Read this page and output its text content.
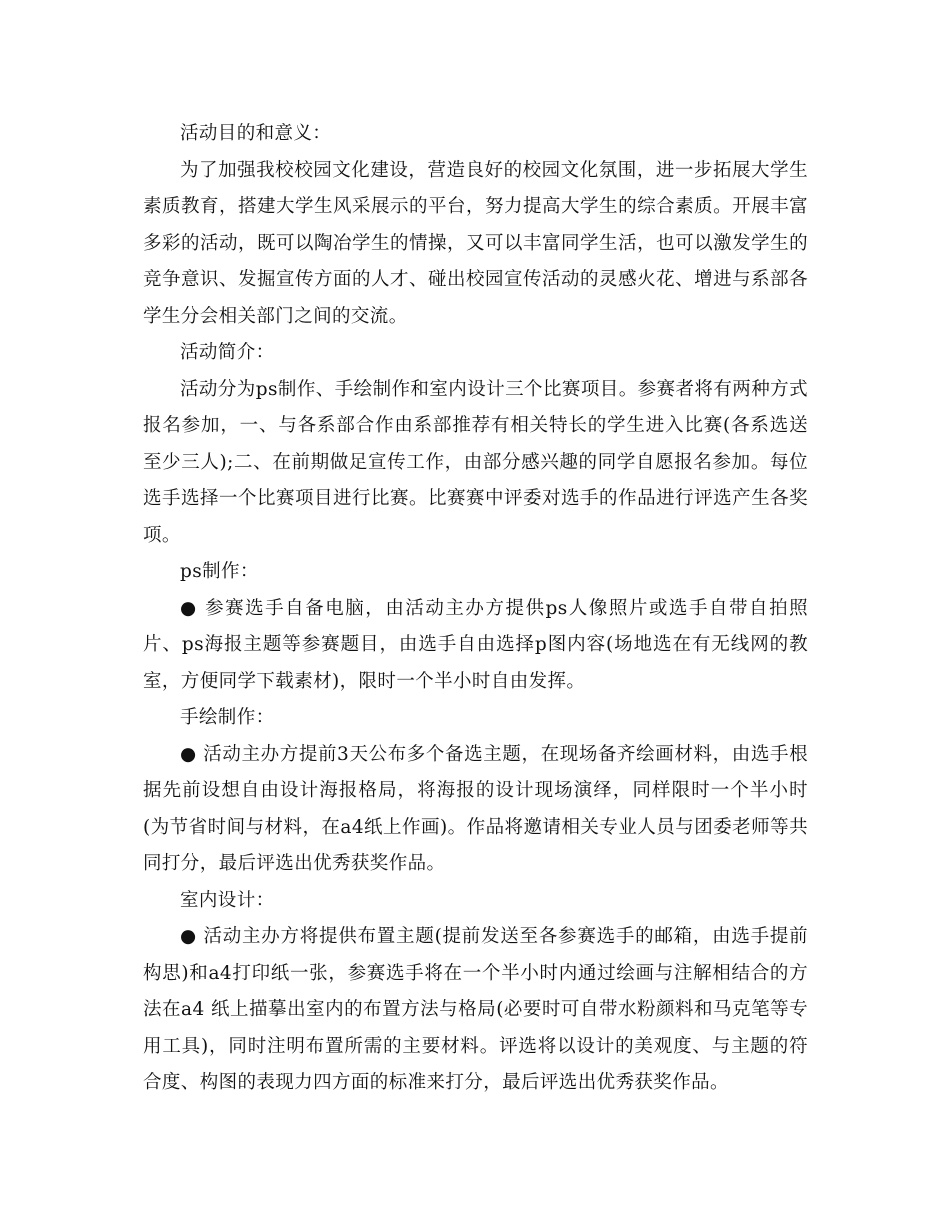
活动目的和意义：

为了加强我校校园文化建设，营造良好的校园文化氛围，进一步拓展大学生素质教育，搭建大学生风采展示的平台，努力提高大学生的综合素质。开展丰富多彩的活动，既可以陶冶学生的情操，又可以丰富同学生活，也可以激发学生的竞争意识、发掘宣传方面的人才、碰出校园宣传活动的灵感火花、增进与系部各学生分会相关部门之间的交流。

活动简介：

活动分为ps制作、手绘制作和室内设计三个比赛项目。参赛者将有两种方式报名参加，一、与各系部合作由系部推荐有相关特长的学生进入比赛(各系选送至少三人);二、在前期做足宣传工作，由部分感兴趣的同学自愿报名参加。每位选手选择一个比赛项目进行比赛。比赛赛中评委对选手的作品进行评选产生各奖项。

ps制作：

● 参赛选手自备电脑，由活动主办方提供ps人像照片或选手自带自拍照片、ps海报主题等参赛题目，由选手自由选择p图内容(场地选在有无线网的教室，方便同学下载素材)，限时一个半小时自由发挥。

手绘制作：

● 活动主办方提前3天公布多个备选主题，在现场备齐绘画材料，由选手根据先前设想自由设计海报格局，将海报的设计现场演绎，同样限时一个半小时(为节省时间与材料，在a4纸上作画)。作品将邀请相关专业人员与团委老师等共同打分，最后评选出优秀获奖作品。

室内设计：

● 活动主办方将提供布置主题(提前发送至各参赛选手的邮箱，由选手提前构思)和a4打印纸一张，参赛选手将在一个半小时内通过绘画与注解相结合的方法在a4 纸上描摹出室内的布置方法与格局(必要时可自带水粉颜料和马克笔等专用工具)，同时注明布置所需的主要材料。评选将以设计的美观度、与主题的符合度、构图的表现力四方面的标准来打分，最后评选出优秀获奖作品。
